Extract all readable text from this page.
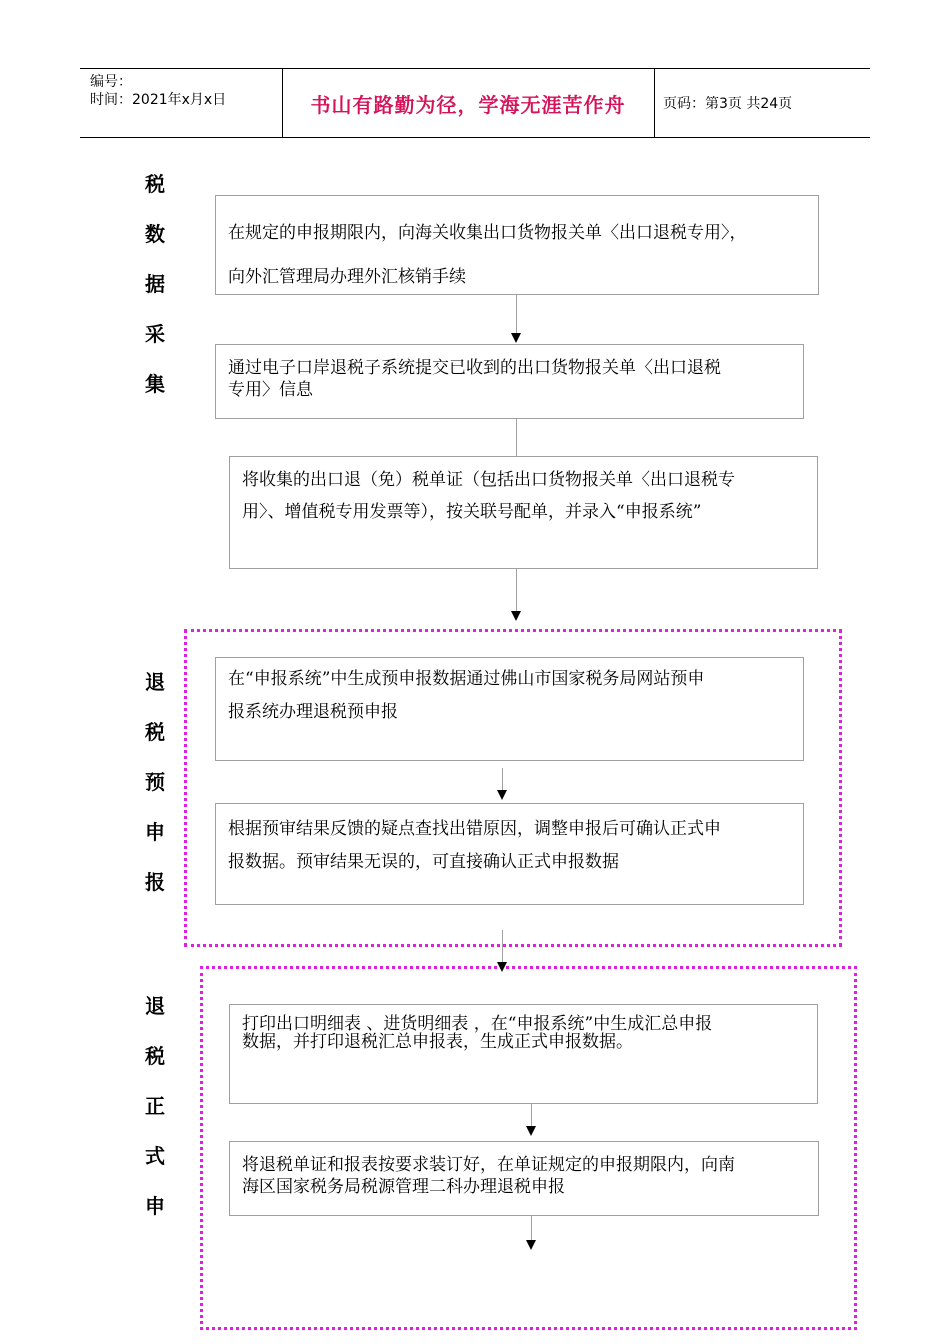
编号：
时间：2021年x月x日	书山有路勤为径，学海无涯苦作舟	页码：第3页 共24页
税
数
据
采
集
退
税
预
申
报
退
税
正
式
申
在规定的申报期限内，向海关收集出口货物报关单〈出口退税专用〉，
向外汇管理局办理外汇核销手续
通过电子口岸退税子系统提交已收到的出口货物报关单〈出口退税
专用〉信息
将收集的出口退（免）税单证（包括出口货物报关单〈出口退税专
用〉、增值税专用发票等），按关联号配单，并录入“申报系统”
在“申报系统”中生成预申报数据通过佛山市国家税务局网站预申
报系统办理退税预申报
根据预审结果反馈的疑点查找出错原因，调整申报后可确认正式申
报数据。预审结果无误的，可直接确认正式申报数据
打印出口明细表 、进货明细表 ，在“申报系统”中生成汇总申报
数据，并打印退税汇总申报表，生成正式申报数据。
将退税单证和报表按要求装订好，在单证规定的申报期限内，向南
海区国家税务局税源管理二科办理退税申报
